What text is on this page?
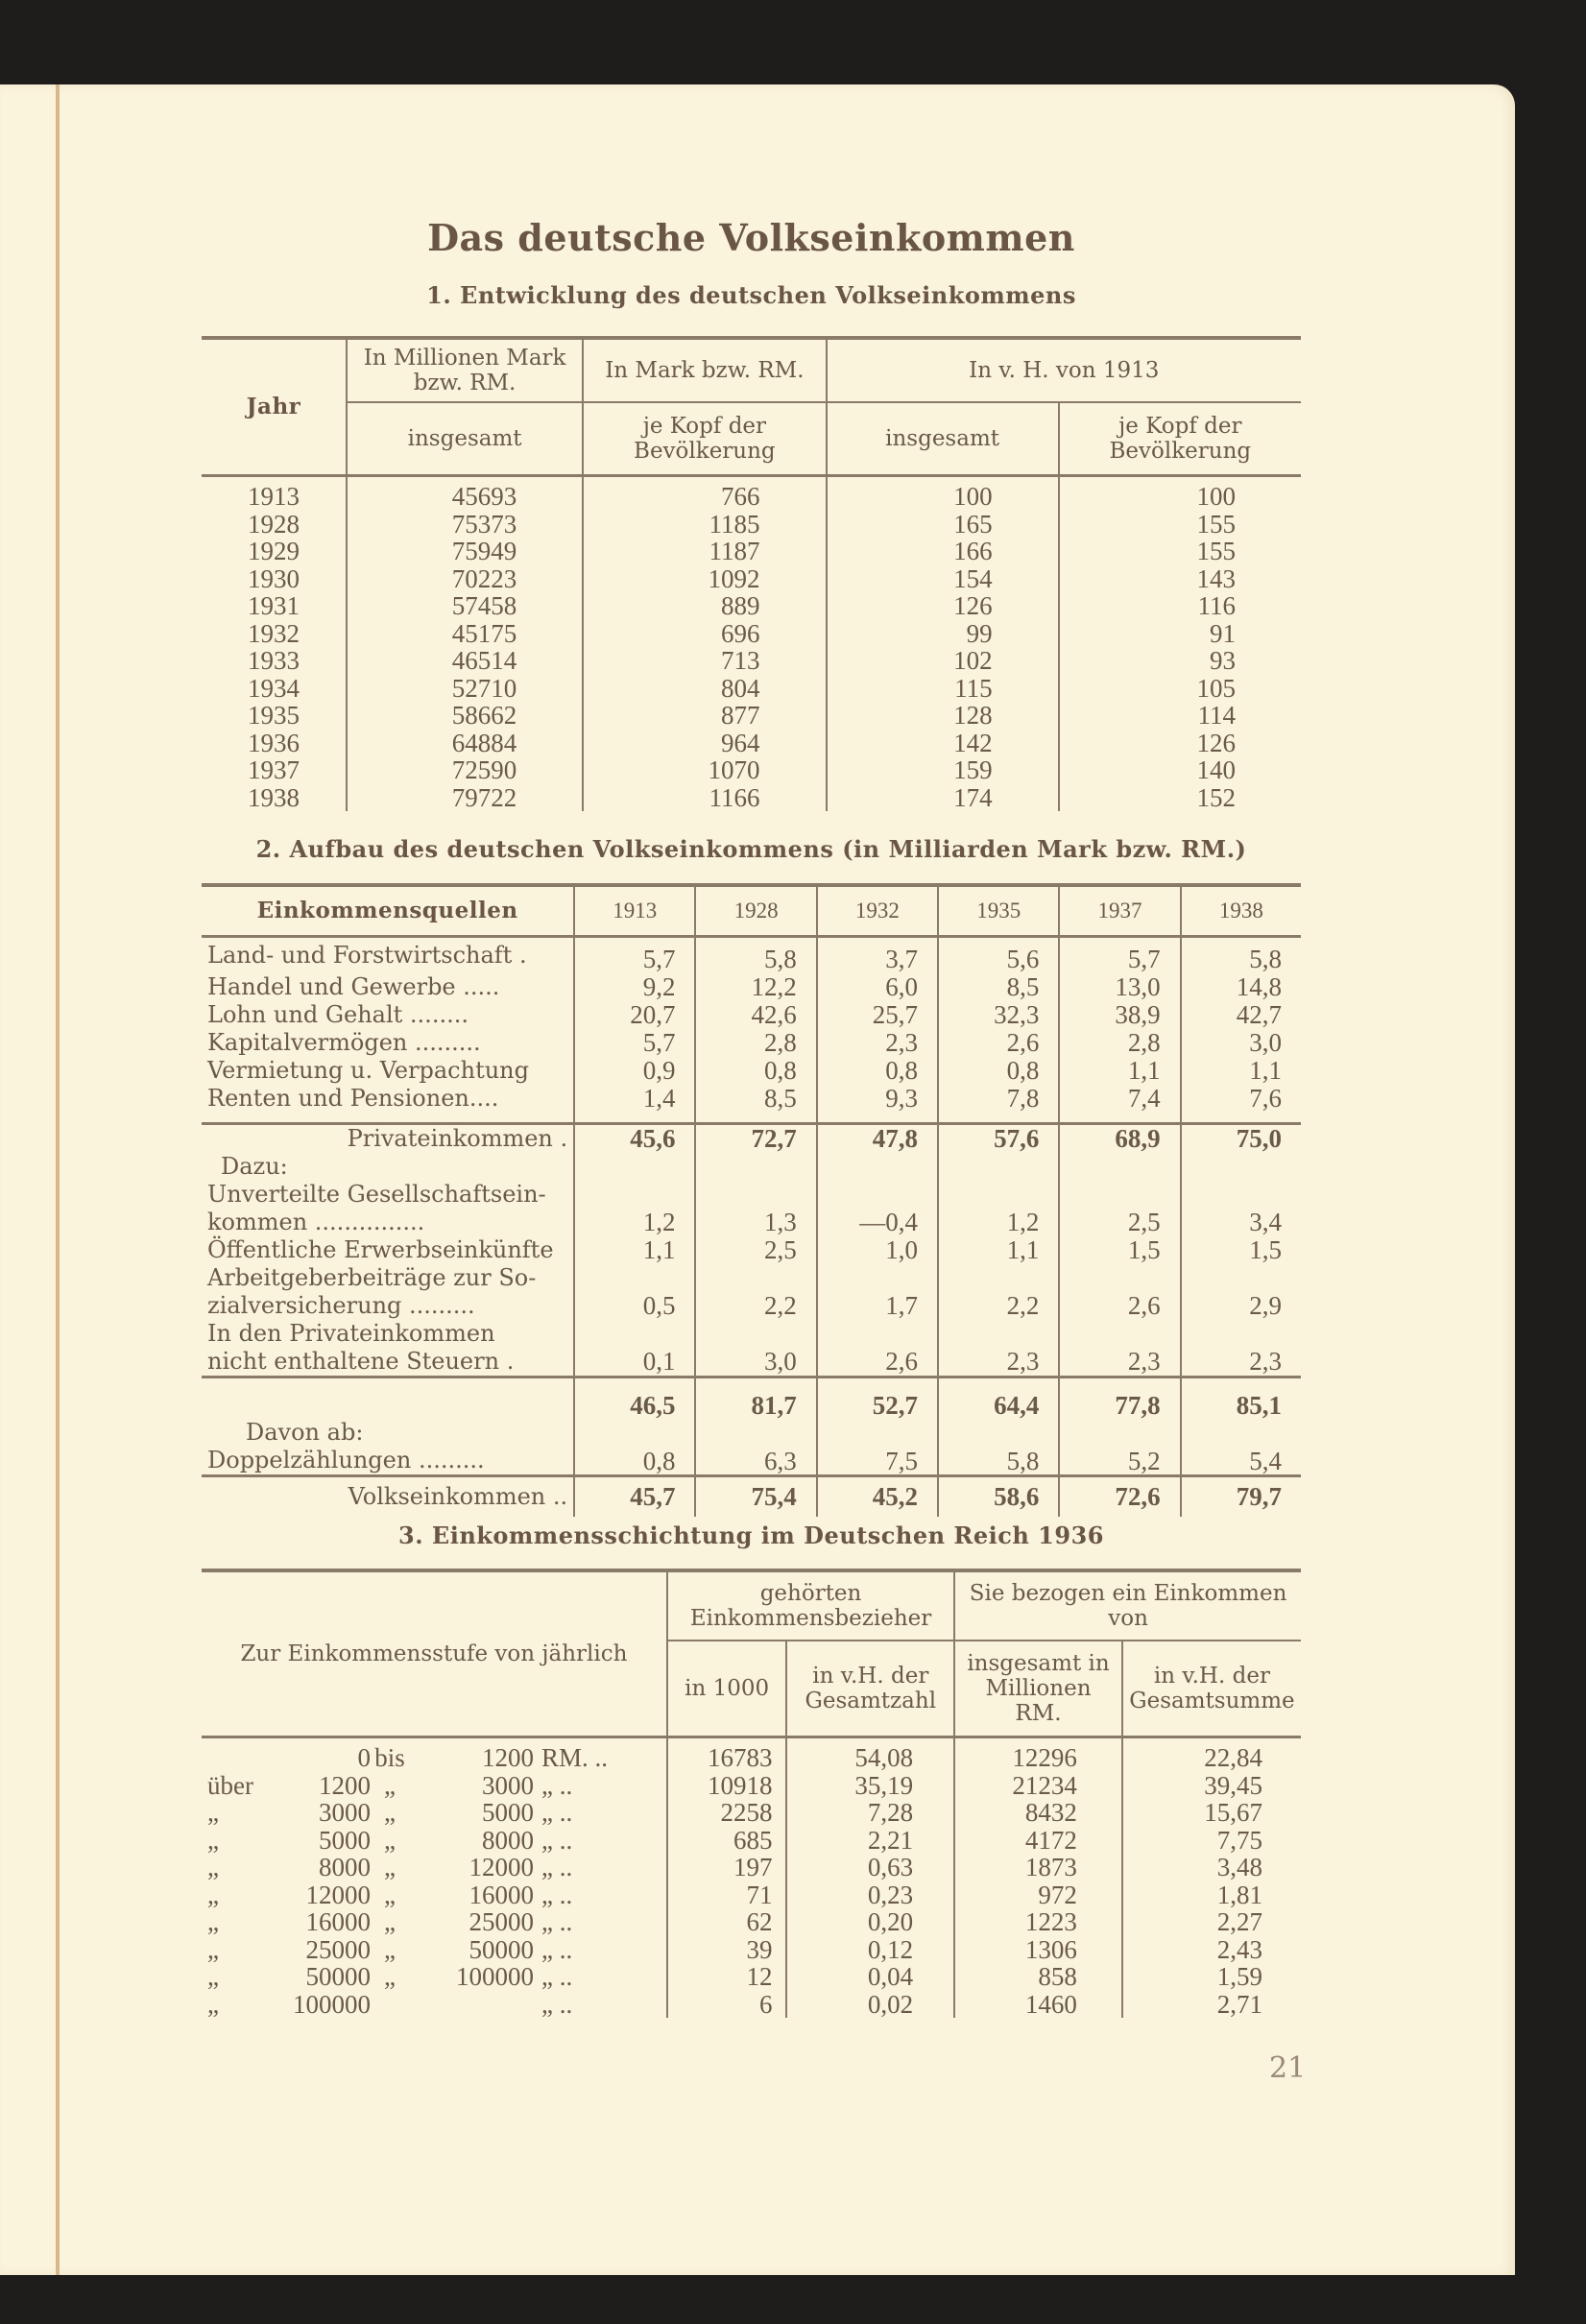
Das deutsche Volkseinkommen
1. Entwicklung des deutschen Volkseinkommens
Jahr	In Millionen Mark bzw. RM.	In Mark bzw. RM.	In v. H. von 1913	
	insgesamt	je Kopf der Bevölkerung	insgesamt	je Kopf der Bevölkerung
1913	45693	766	100	100
1928	75373	1185	165	155
1929	75949	1187	166	155
1930	70223	1092	154	143
1931	57458	889	126	116
1932	45175	696	99	91
1933	46514	713	102	93
1934	52710	804	115	105
1935	58662	877	128	114
1936	64884	964	142	126
1937	72590	1070	159	140
1938	79722	1166	174	152
2. Aufbau des deutschen Volkseinkommens (in Milliarden Mark bzw. RM.)
Einkommensquellen	1913	1928	1932	1935	1937	1938
Land- und Forstwirtschaft .	5,7	5,8	3,7	5,6	5,7	5,8
Handel und Gewerbe .....	9,2	12,2	6,0	8,5	13,0	14,8
Lohn und Gehalt ........	20,7	42,6	25,7	32,3	38,9	42,7
Kapitalvermögen .........	5,7	2,8	2,3	2,6	2,8	3,0
Vermietung u. Verpachtung	0,9	0,8	0,8	0,8	1,1	1,1
Renten und Pensionen....	1,4	8,5	9,3	7,8	7,4	7,6

Privateinkommen .	45,6	72,7	47,8	57,6	68,9	75,0
Dazu:						

Unverteilte Gesellschaftsein-
kommen ...............	1,2	1,3	—0,4	1,2	2,5	3,4

Öffentliche Erwerbseinkünfte	1,1	2,5	1,0	1,1	1,5	1,5

Arbeitgeberbeiträge zur So-
zialversicherung .........	0,5	2,2	1,7	2,2	2,6	2,9

In den Privateinkommen
nicht enthaltene Steuern .	0,1	3,0	2,6	2,3	2,3	2,3
	46,5	81,7	52,7	64,4	77,8	85,1

Davon ab:
Doppelzählungen .........	0,8	6,3	7,5	5,8	5,2	5,4
Volkseinkommen ..	45,7	75,4	45,2	58,6	72,6	79,7
3. Einkommensschichtung im Deutschen Reich 1936
Zur Einkommensstufe von jährlich	gehörten Einkommensbezieher		Sie bezogen ein Einkommen von	
	in 1000	in v.H. der Gesamtzahl	insgesamt in Millionen RM.	in v.H. der Gesamtsumme

0 bis 1200 RM. ..	16783	54,08	12296	22,84

über 1200 „ 3000 „ ..	10918	35,19	21234	39,45

„ 3000 „ 5000 „ ..	2258	7,28	8432	15,67

„ 5000 „ 8000 „ ..	685	2,21	4172	7,75

„ 8000 „ 12000 „ ..	197	0,63	1873	3,48

„ 12000 „ 16000 „ ..	71	0,23	972	1,81

„ 16000 „ 25000 „ ..	62	0,20	1223	2,27

„ 25000 „ 50000 „ ..	39	0,12	1306	2,43

„ 50000 „ 100000 „ ..	12	0,04	858	1,59

„ 100000 „ ..	6	0,02	1460	2,71
21
